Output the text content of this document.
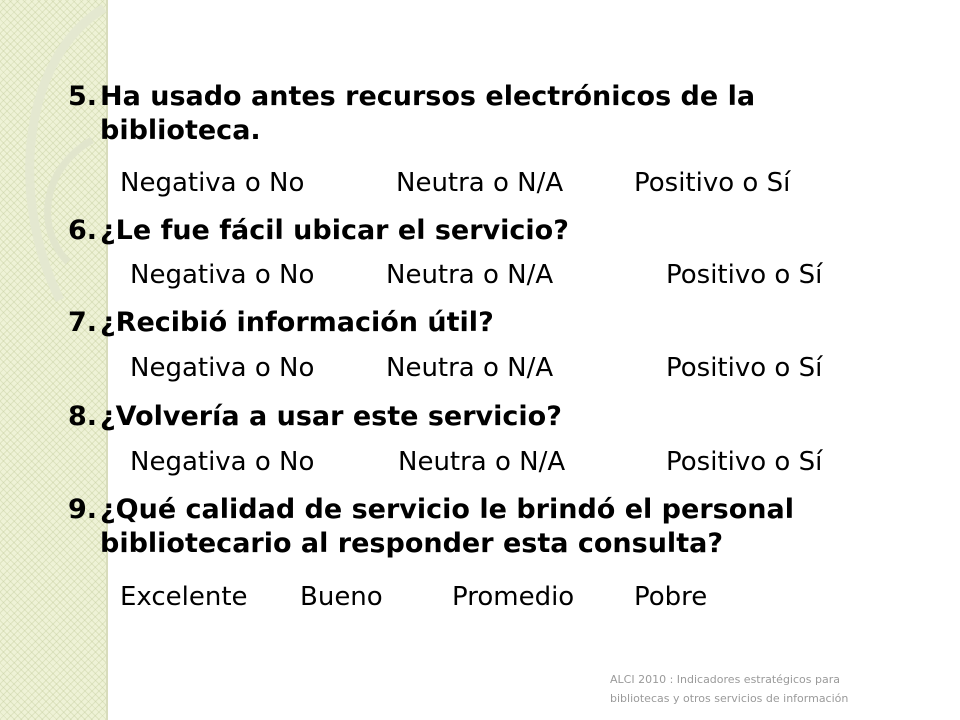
5. Ha usado antes recursos electrónicos de la biblioteca.
Negativa o No	Neutra o N/A	Positivo o Sí
6. ¿Le fue fácil ubicar el servicio?
Negativa o No	Neutra o N/A	Positivo o Sí
7. ¿Recibió información útil?
Negativa o No	Neutra o N/A	Positivo o Sí
8. ¿Volvería a usar este servicio?
Negativa o No	Neutra o N/A	Positivo o Sí
9. ¿Qué calidad de servicio le brindó el personal bibliotecario al responder esta consulta?
Excelente Bueno	Promedio Pobre
ALCI 2010 : Indicadores estratégicos para bibliotecas y otros servicios de información
